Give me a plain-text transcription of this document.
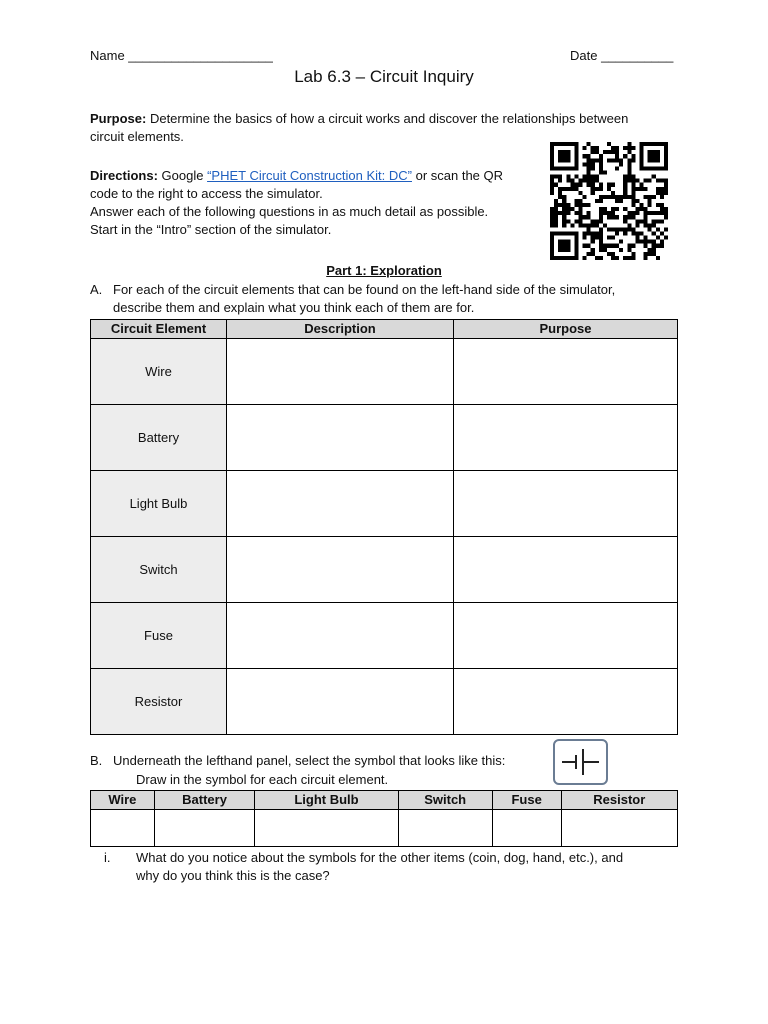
Name ____________________	Date __________
Lab 6.3 – Circuit Inquiry
Purpose: Determine the basics of how a circuit works and discover the relationships between
circuit elements.
Directions: Google “PHET Circuit Construction Kit: DC” or scan the QR
code to the right to access the simulator.
Answer each of the following questions in as much detail as possible.
Start in the “Intro” section of the simulator.
Part 1: Exploration
A. For each of the circuit elements that can be found on the left-hand side of the simulator,
describe them and explain what you think each of them are for.
Circuit Element	Description	Purpose
Wire		
Battery		
Light Bulb		
Switch		
Fuse		
Resistor		
B. Underneath the lefthand panel, select the symbol that looks like this:
Draw in the symbol for each circuit element.
Wire	Battery	Light Bulb	Switch	Fuse	Resistor

i. What do you notice about the symbols for the other items (coin, dog, hand, etc.), and
why do you think this is the case?
